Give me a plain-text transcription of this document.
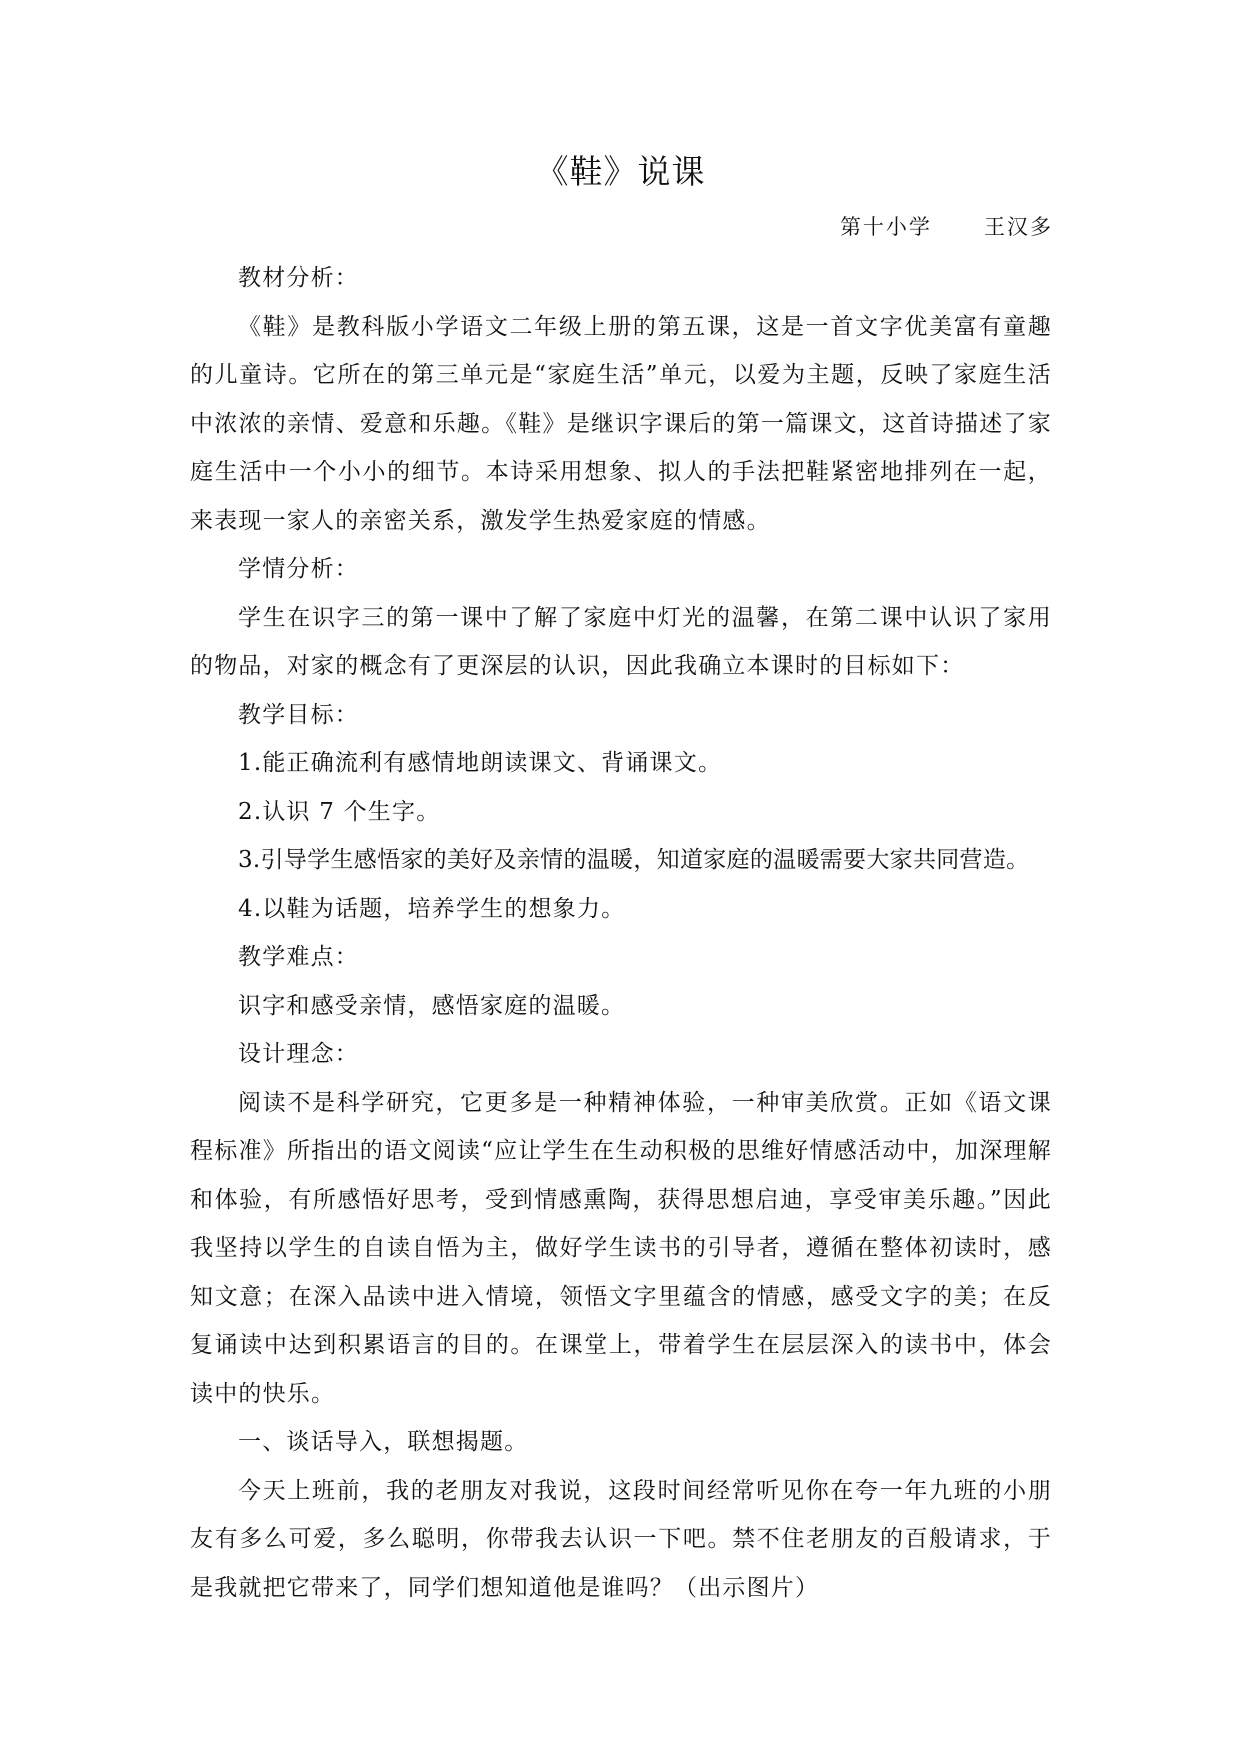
《鞋》说课
第十小学      王汉多

教材分析：

《鞋》是教科版小学语文二年级上册的第五课，这是一首文字优美富有童趣的儿童诗。它所在的第三单元是“家庭生活”单元，以爱为主题，反映了家庭生活中浓浓的亲情、爱意和乐趣。《鞋》是继识字课后的第一篇课文，这首诗描述了家庭生活中一个小小的细节。本诗采用想象、拟人的手法把鞋紧密地排列在一起，来表现一家人的亲密关系，激发学生热爱家庭的情感。

学情分析：

学生在识字三的第一课中了解了家庭中灯光的温馨，在第二课中认识了家用的物品，对家的概念有了更深层的认识，因此我确立本课时的目标如下：

教学目标：

1.能正确流利有感情地朗读课文、背诵课文。

2.认识 7 个生字。

3.引导学生感悟家的美好及亲情的温暖，知道家庭的温暖需要大家共同营造。

4.以鞋为话题，培养学生的想象力。

教学难点：

识字和感受亲情，感悟家庭的温暖。

设计理念：

阅读不是科学研究，它更多是一种精神体验，一种审美欣赏。正如《语文课程标准》所指出的语文阅读“应让学生在生动积极的思维好情感活动中，加深理解和体验，有所感悟好思考，受到情感熏陶，获得思想启迪，享受审美乐趣。”因此我坚持以学生的自读自悟为主，做好学生读书的引导者，遵循在整体初读时，感知文意；在深入品读中进入情境，领悟文字里蕴含的情感，感受文字的美；在反复诵读中达到积累语言的目的。在课堂上，带着学生在层层深入的读书中，体会读中的快乐。

一、谈话导入，联想揭题。

今天上班前，我的老朋友对我说，这段时间经常听见你在夸一年九班的小朋友有多么可爱，多么聪明，你带我去认识一下吧。禁不住老朋友的百般请求，于是我就把它带来了，同学们想知道他是谁吗？（出示图片）
